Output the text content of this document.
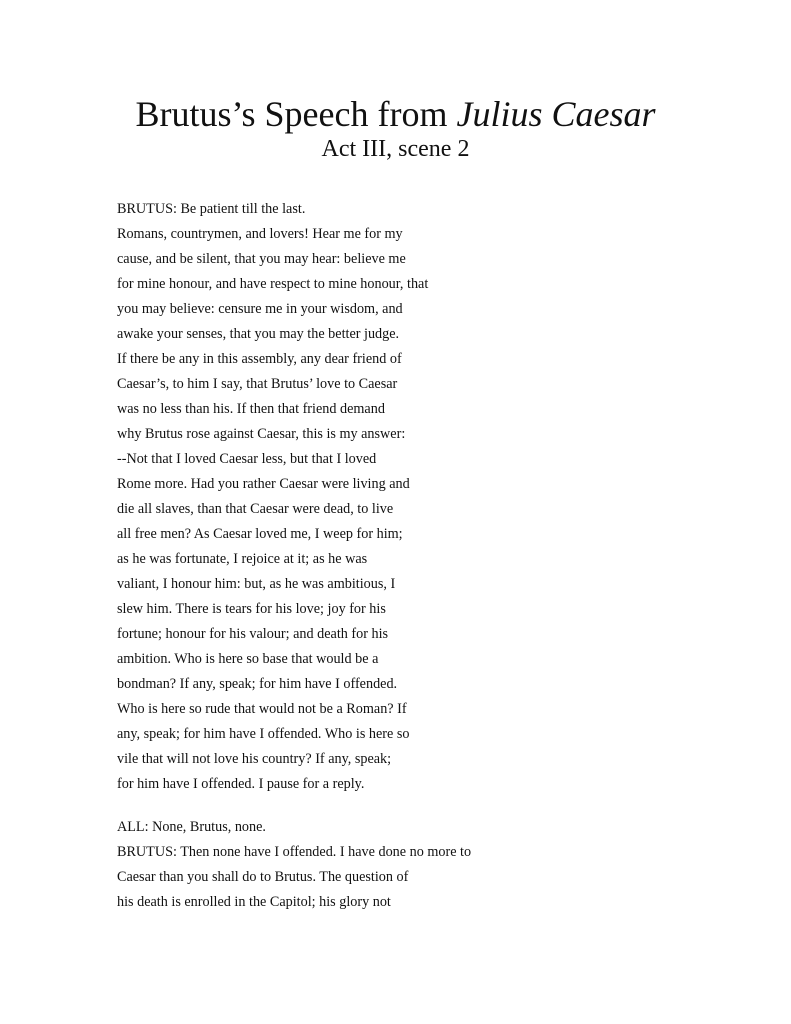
Brutus’s Speech from Julius Caesar
Act III, scene 2
BRUTUS: Be patient till the last.
Romans, countrymen, and lovers! Hear me for my
cause, and be silent, that you may hear: believe me
for mine honour, and have respect to mine honour, that
you may believe: censure me in your wisdom, and
awake your senses, that you may the better judge.
If there be any in this assembly, any dear friend of
Caesar’s, to him I say, that Brutus’ love to Caesar
was no less than his. If then that friend demand
why Brutus rose against Caesar, this is my answer:
--Not that I loved Caesar less, but that I loved
Rome more. Had you rather Caesar were living and
die all slaves, than that Caesar were dead, to live
all free men? As Caesar loved me, I weep for him;
as he was fortunate, I rejoice at it; as he was
valiant, I honour him: but, as he was ambitious, I
slew him. There is tears for his love; joy for his
fortune; honour for his valour; and death for his
ambition. Who is here so base that would be a
bondman? If any, speak; for him have I offended.
Who is here so rude that would not be a Roman? If
any, speak; for him have I offended. Who is here so
vile that will not love his country? If any, speak;
for him have I offended. I pause for a reply.
ALL: None, Brutus, none.
BRUTUS: Then none have I offended. I have done no more to
Caesar than you shall do to Brutus. The question of
his death is enrolled in the Capitol; his glory not
